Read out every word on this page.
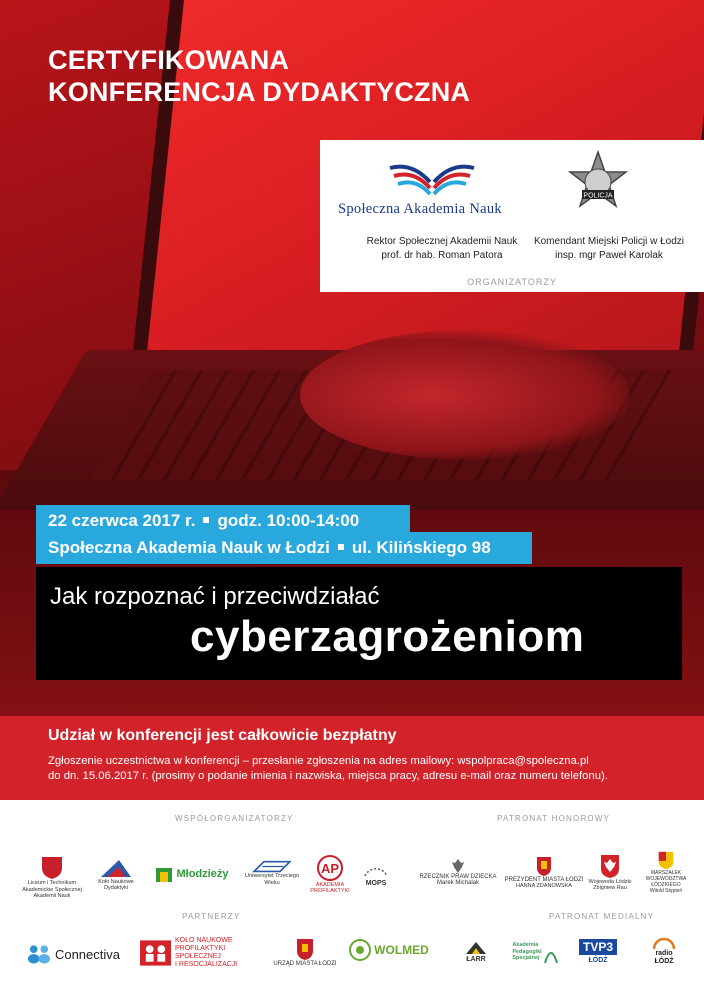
CERTYFIKOWANA
KONFERENCJA DYDAKTYCZNA
Społeczna Akademia Nauk
POLICJA
Rektor Społecznej Akademii Nauk
prof. dr hab. Roman Patora
Komendant Miejski Policji w Łodzi
insp. mgr Paweł Karolak
ORGANIZATORZY
22 czerwca 2017 r. godz. 10:00-14:00
Społeczna Akademia Nauk w Łodzi ul. Kilińskiego 98
Jak rozpoznać i przeciwdziałać
cyberzagrożeniom
Udział w konferencji jest całkowicie bezpłatny
Zgłoszenie uczestnictwa w konferencji – przesłanie zgłoszenia na adres mailowy: wspolpraca@spoleczna.pl
do dn. 15.06.2017 r. (prosimy o podanie imienia i nazwiska, miejsca pracy, adresu e-mail oraz numeru telefonu).
WSPÓŁORGANIZATORZY	PATRONAT HONOROWY
PARTNERZY	PATRONAT MEDIALNY
Liceum i Technikum Akademickie Społecznej Akademii Nauk
Koło Naukowe Dydaktyki
Młodzieży	Uniwersytet Trzeciego Wieku
AP
AKADEMIA PROFILAKTYKI
MOPS
RZECZNIK PRAW DZIECKA
Marek Michalak
PREZYDENT MIASTA ŁODZI
HANNA ZDANOWSKA
Wojewoda Łódzki
Zbigniew Rau
MARSZAŁEK WOJEWÓDZTWA ŁÓDZKIEGO
Witold Stępień
Connectiva
KOŁO NAUKOWE
PROFILAKTYKI SPOŁECZNEJ
I RESOCJALIZACJI	URZĄD MIASTA ŁODZI
WOLMED
ŁARR
Akademia
Pedagogiki
Specjalnej
TVP3
ŁÓDŹ
radio
ŁÓDŹ
